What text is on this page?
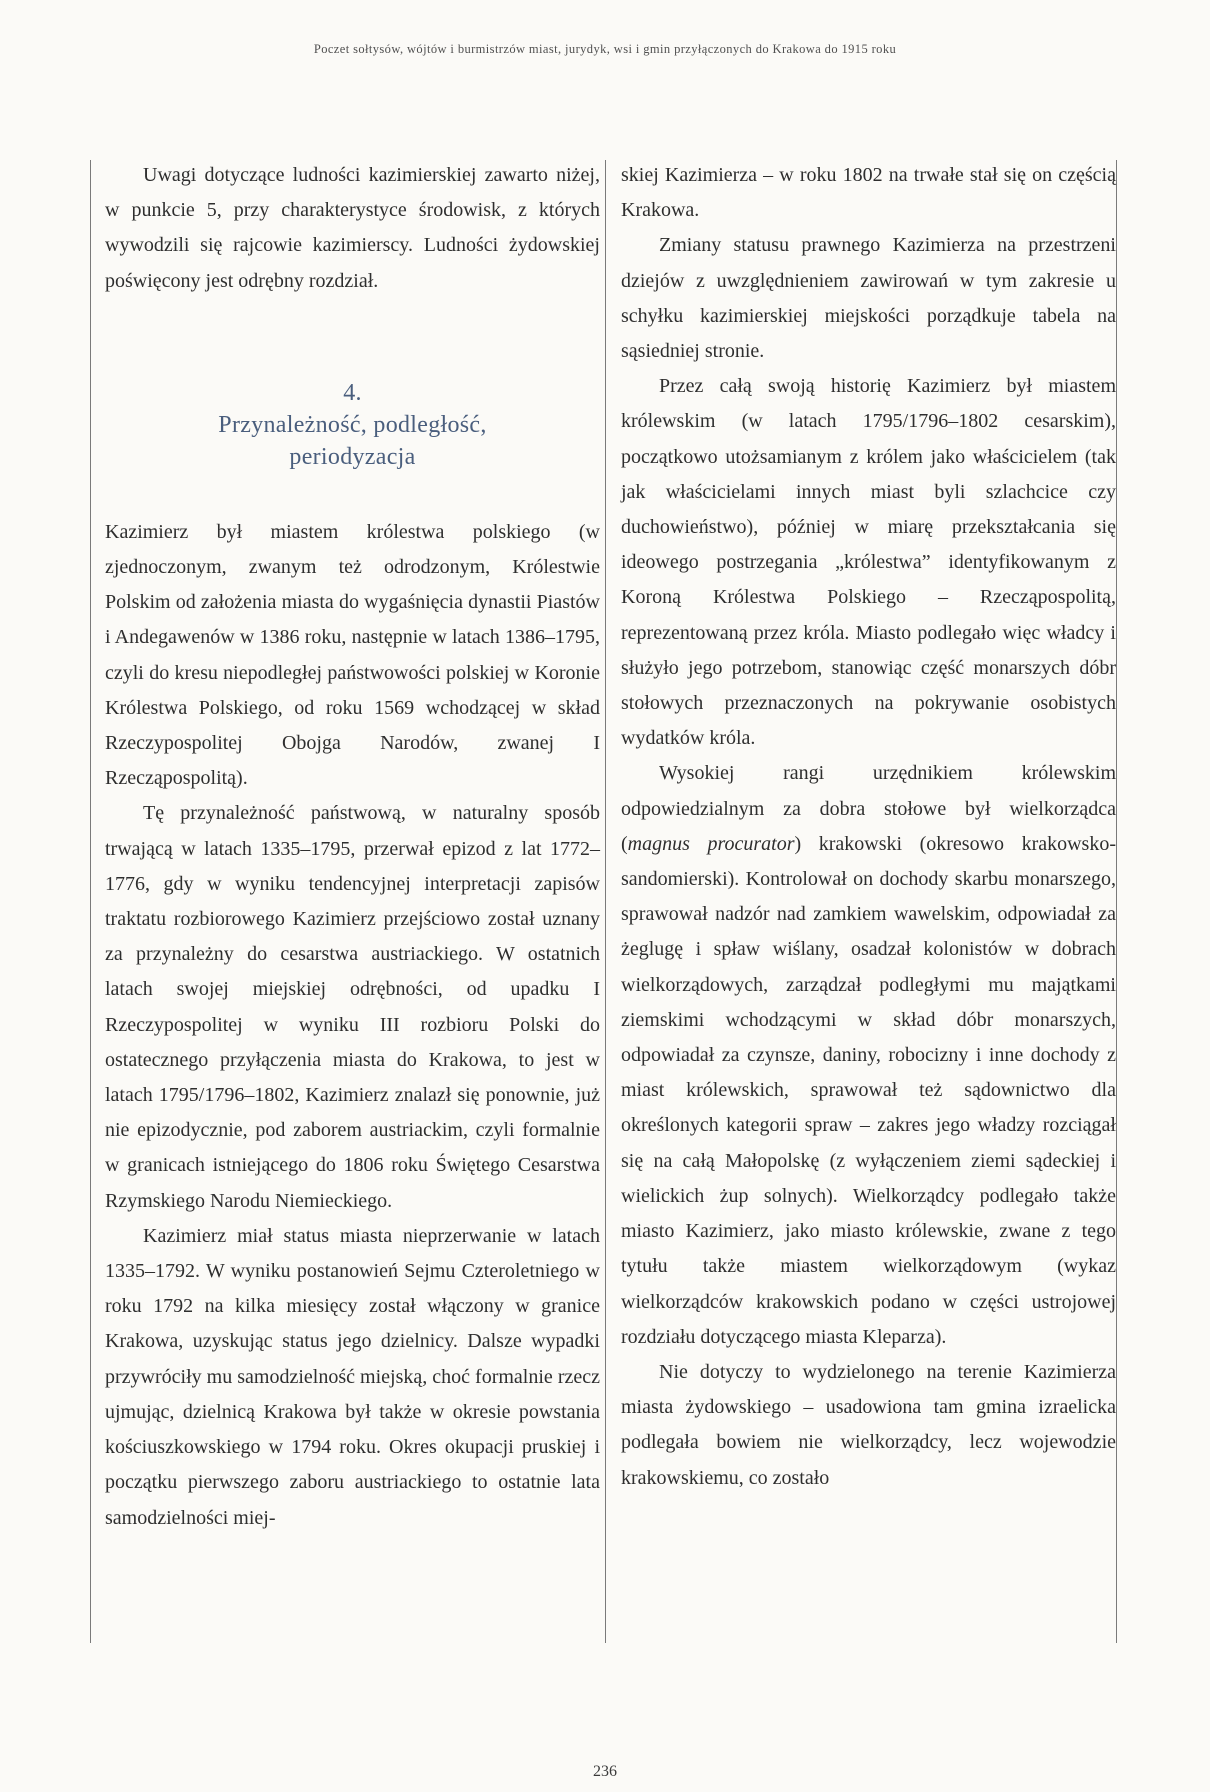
Poczet sołtysów, wójtów i burmistrzów miast, jurydyk, wsi i gmin przyłączonych do Krakowa do 1915 roku

Uwagi dotyczące ludności kazimierskiej zawarto niżej, w punkcie 5, przy charakterystyce środowisk, z których wywodzili się rajcowie kazimierscy. Ludności żydowskiej poświęcony jest odrębny rozdział.

4.
Przynależność, podległość,
periodyzacja

Kazimierz był miastem królestwa polskiego (w zjednoczonym, zwanym też odrodzonym, Królestwie Polskim od założenia miasta do wygaśnięcia dynastii Piastów i Andegawenów w 1386 roku, następnie w latach 1386–1795, czyli do kresu niepodległej państwowości polskiej w Koronie Królestwa Polskiego, od roku 1569 wchodzącej w skład Rzeczypospolitej Obojga Narodów, zwanej I Rzecząpospolitą).

Tę przynależność państwową, w naturalny sposób trwającą w latach 1335–1795, przerwał epizod z lat 1772–1776, gdy w wyniku tendencyjnej interpretacji zapisów traktatu rozbiorowego Kazimierz przejściowo został uznany za przynależny do cesarstwa austriackiego. W ostatnich latach swojej miejskiej odrębności, od upadku I Rzeczypospolitej w wyniku III rozbioru Polski do ostatecznego przyłączenia miasta do Krakowa, to jest w latach 1795/1796–1802, Kazimierz znalazł się ponownie, już nie epizodycznie, pod zaborem austriackim, czyli formalnie w granicach istniejącego do 1806 roku Świętego Cesarstwa Rzymskiego Narodu Niemieckiego.

Kazimierz miał status miasta nieprzerwanie w latach 1335–1792. W wyniku postanowień Sejmu Czteroletniego w roku 1792 na kilka miesięcy został włączony w granice Krakowa, uzyskując status jego dzielnicy. Dalsze wypadki przywróciły mu samodzielność miejską, choć formalnie rzecz ujmując, dzielnicą Krakowa był także w okresie powstania kościuszkowskiego w 1794 roku. Okres okupacji pruskiej i początku pierwszego zaboru austriackiego to ostatnie lata samodzielności miej-

skiej Kazimierza – w roku 1802 na trwałe stał się on częścią Krakowa.

Zmiany statusu prawnego Kazimierza na przestrzeni dziejów z uwzględnieniem zawirowań w tym zakresie u schyłku kazimierskiej miejskości porządkuje tabela na sąsiedniej stronie.

Przez całą swoją historię Kazimierz był miastem królewskim (w latach 1795/1796–1802 cesarskim), początkowo utożsamianym z królem jako właścicielem (tak jak właścicielami innych miast byli szlachcice czy duchowieństwo), później w miarę przekształcania się ideowego postrzegania „królestwa” identyfikowanym z Koroną Królestwa Polskiego – Rzecząpospolitą, reprezentowaną przez króla. Miasto podlegało więc władcy i służyło jego potrzebom, stanowiąc część monarszych dóbr stołowych przeznaczonych na pokrywanie osobistych wydatków króla.

Wysokiej rangi urzędnikiem królewskim odpowiedzialnym za dobra stołowe był wielkorządca (magnus procurator) krakowski (okresowo krakowsko-sandomierski). Kontrolował on dochody skarbu monarszego, sprawował nadzór nad zamkiem wawelskim, odpowiadał za żeglugę i spław wiślany, osadzał kolonistów w dobrach wielkorządowych, zarządzał podległymi mu majątkami ziemskimi wchodzącymi w skład dóbr monarszych, odpowiadał za czynsze, daniny, robocizny i inne dochody z miast królewskich, sprawował też sądownictwo dla określonych kategorii spraw – zakres jego władzy rozciągał się na całą Małopolskę (z wyłączeniem ziemi sądeckiej i wielickich żup solnych). Wielkorządcy podlegało także miasto Kazimierz, jako miasto królewskie, zwane z tego tytułu także miastem wielkorządowym (wykaz wielkorządców krakowskich podano w części ustrojowej rozdziału dotyczącego miasta Kleparza).

Nie dotyczy to wydzielonego na terenie Kazimierza miasta żydowskiego – usadowiona tam gmina izraelicka podlegała bowiem nie wielkorządcy, lecz wojewodzie krakowskiemu, co zostało

236
